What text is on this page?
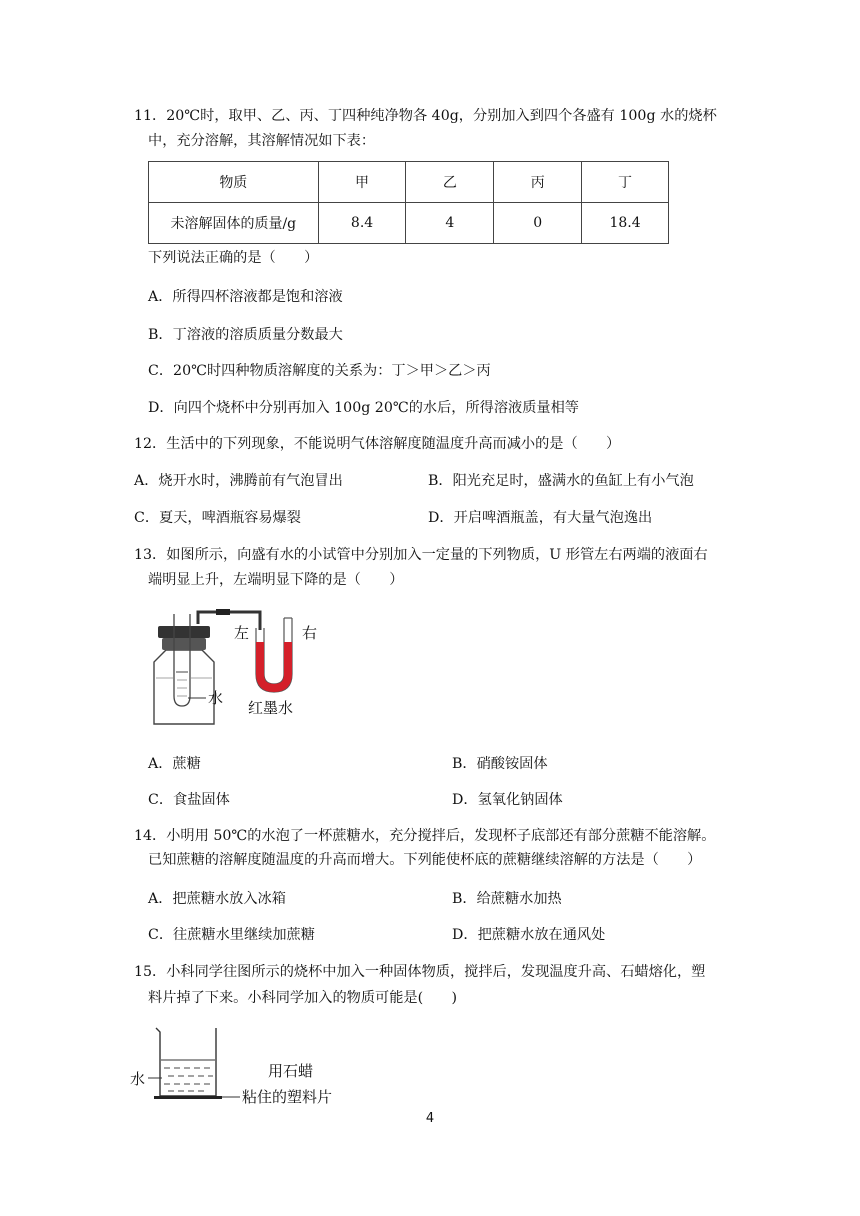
11．20℃时，取甲、乙、丙、丁四种纯净物各 40g，分别加入到四个各盛有 100g 水的烧杯
中，充分溶解，其溶解情况如下表：
物质	甲	乙	丙	丁
未溶解固体的质量/g	8.4	4	0	18.4
下列说法正确的是（　　）
A．所得四杯溶液都是饱和溶液
B．丁溶液的溶质质量分数最大
C．20℃时四种物质溶解度的关系为：丁＞甲＞乙＞丙
D．向四个烧杯中分别再加入 100g 20℃的水后，所得溶液质量相等
12．生活中的下列现象，不能说明气体溶解度随温度升高而减小的是（　　）
A．烧开水时，沸腾前有气泡冒出	B．阳光充足时，盛满水的鱼缸上有小气泡
C．夏天，啤酒瓶容易爆裂	D．开启啤酒瓶盖，有大量气泡逸出
13．如图所示，向盛有水的小试管中分别加入一定量的下列物质，U 形管左右两端的液面右
端明显上升，左端明显下降的是（　　）
左	右
水
红墨水
A．蔗糖	B．硝酸铵固体
C．食盐固体	D．氢氧化钠固体
14．小明用 50℃的水泡了一杯蔗糖水，充分搅拌后，发现杯子底部还有部分蔗糖不能溶解。
已知蔗糖的溶解度随温度的升高而增大。下列能使杯底的蔗糖继续溶解的方法是（　　）
A．把蔗糖水放入冰箱	B．给蔗糖水加热
C．往蔗糖水里继续加蔗糖	D．把蔗糖水放在通风处
15．小科同学往图所示的烧杯中加入一种固体物质，搅拌后，发现温度升高、石蜡熔化，塑
料片掉了下来。小科同学加入的物质可能是(　　)
水	用石蜡
粘住的塑料片
4
